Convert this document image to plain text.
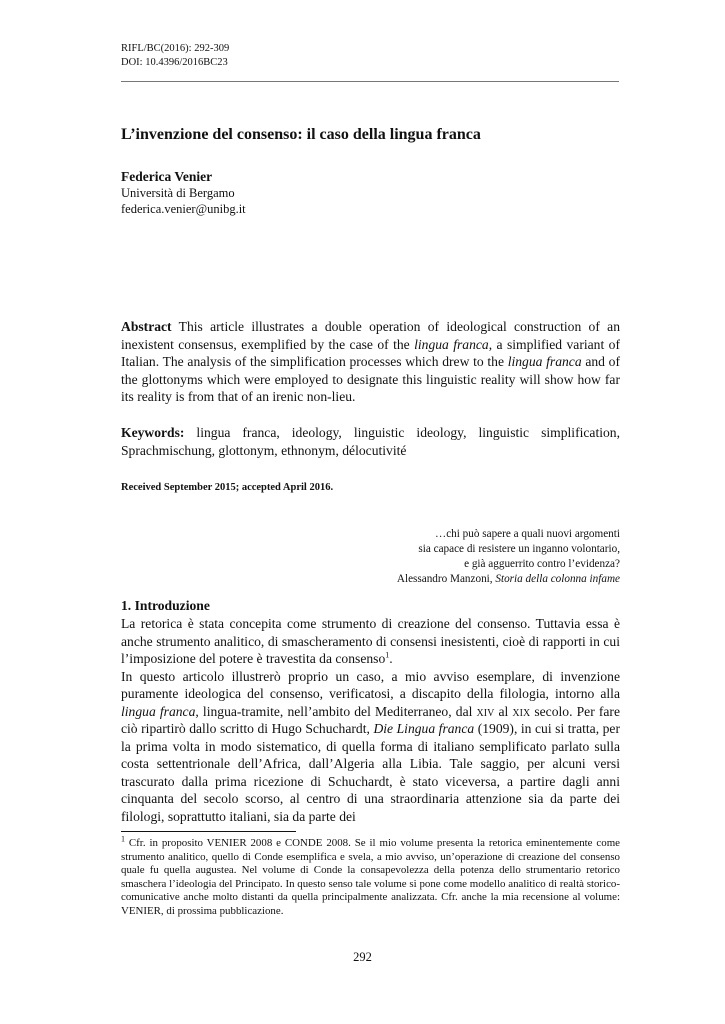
RIFL/BC(2016): 292-309
DOI: 10.4396/2016BC23
L’invenzione del consenso: il caso della lingua franca
Federica Venier
Università di Bergamo
federica.venier@unibg.it
Abstract This article illustrates a double operation of ideological construction of an inexistent consensus, exemplified by the case of the lingua franca, a simplified variant of Italian. The analysis of the simplification processes which drew to the lingua franca and of the glottonyms which were employed to designate this linguistic reality will show how far its reality is from that of an irenic non-lieu.
Keywords: lingua franca, ideology, linguistic ideology, linguistic simplification, Sprachmischung, glottonym, ethnonym, délocutivité
Received September 2015; accepted April 2016.
…chi può sapere a quali nuovi argomenti
sia capace di resistere un inganno volontario,
e già agguerrito contro l’evidenza?
Alessandro Manzoni, Storia della colonna infame
1. Introduzione

La retorica è stata concepita come strumento di creazione del consenso. Tuttavia essa è anche strumento analitico, di smascheramento di consensi inesistenti, cioè di rapporti in cui l’imposizione del potere è travestita da consenso$^1$.

In questo articolo illustrerò proprio un caso, a mio avviso esemplare, di invenzione puramente ideologica del consenso, verificatosi, a discapito della filologia, intorno alla lingua franca, lingua-tramite, nell’ambito del Mediterraneo, dal xiv al xix secolo. Per fare ciò ripartirò dallo scritto di Hugo Schuchardt, Die Lingua franca (1909), in cui si tratta, per la prima volta in modo sistematico, di quella forma di italiano semplificato parlato sulla costa settentrionale dell’Africa, dall’Algeria alla Libia. Tale saggio, per alcuni versi trascurato dalla prima ricezione di Schuchardt, è stato viceversa, a partire dagli anni cinquanta del secolo scorso, al centro di una straordinaria attenzione sia da parte dei filologi, soprattutto italiani, sia da parte dei

$^1$ Cfr. in proposito VENIER 2008 e CONDE 2008. Se il mio volume presenta la retorica eminentemente come strumento analitico, quello di Conde esemplifica e svela, a mio avviso, un’operazione di creazione del consenso quale fu quella augustea. Nel volume di Conde la consapevolezza della potenza dello strumentario retorico smaschera l’ideologia del Principato. In questo senso tale volume si pone come modello analitico di realtà storico-comunicative anche molto distanti da quella principalmente analizzata. Cfr. anche la mia recensione al volume: VENIER, di prossima pubblicazione.
292
